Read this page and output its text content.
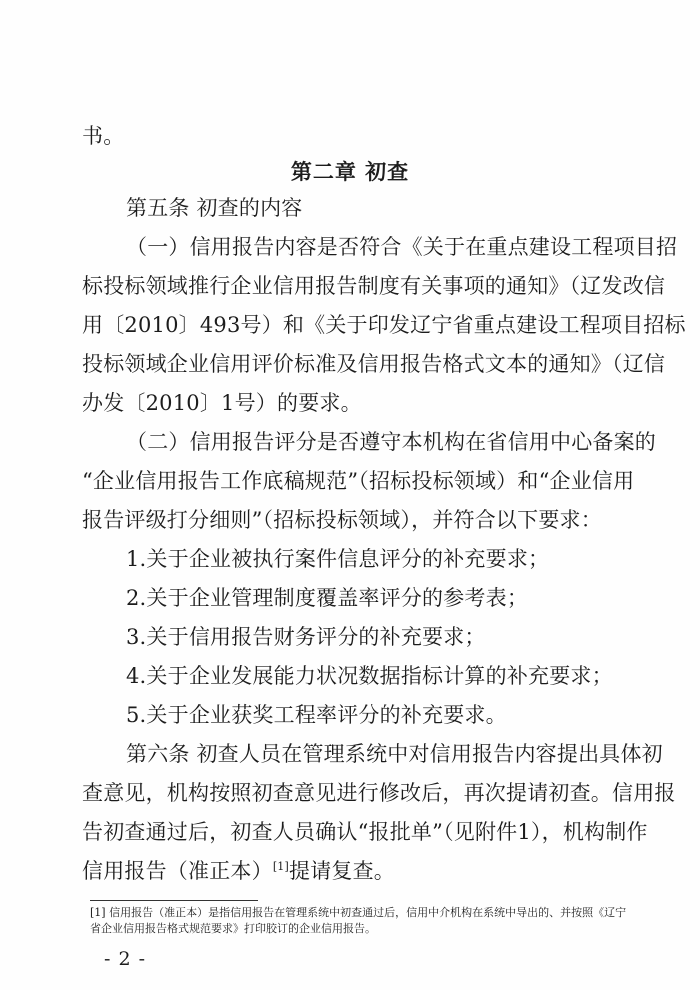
书。
第二章 初查
第五条 初查的内容
（一）信用报告内容是否符合《关于在重点建设工程项目招
标投标领域推行企业信用报告制度有关事项的通知》（辽发改信
用〔2010〕493号）和《关于印发辽宁省重点建设工程项目招标
投标领域企业信用评价标准及信用报告格式文本的通知》（辽信
办发〔2010〕1号）的要求。
（二）信用报告评分是否遵守本机构在省信用中心备案的
“企业信用报告工作底稿规范”（招标投标领域）和“企业信用
报告评级打分细则”（招标投标领域），并符合以下要求：
1.关于企业被执行案件信息评分的补充要求；
2.关于企业管理制度覆盖率评分的参考表；
3.关于信用报告财务评分的补充要求；
4.关于企业发展能力状况数据指标计算的补充要求；
5.关于企业获奖工程率评分的补充要求。
第六条 初查人员在管理系统中对信用报告内容提出具体初
查意见，机构按照初查意见进行修改后，再次提请初查。信用报
告初查通过后，初查人员确认“报批单”（见附件1），机构制作
信用报告（准正本）[1]提请复查。
[1] 信用报告（准正本）是指信用报告在管理系统中初查通过后，信用中介机构在系统中导出的、并按照《辽宁
省企业信用报告格式规范要求》打印胶订的企业信用报告。
- 2 -
